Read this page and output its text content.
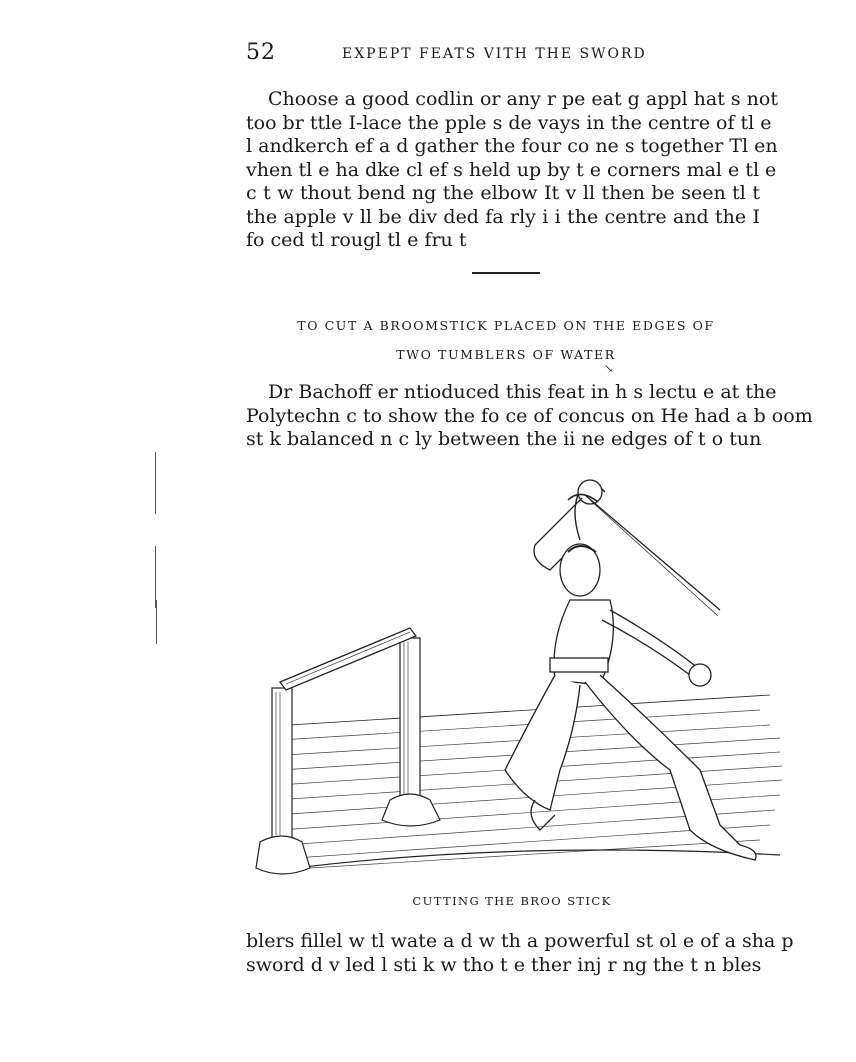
52	EXPEPT FEATS VITH THE SWORD
Choose a good codlin or any r pe eat g appl hat s not
too br ttle I-lace the pple s de vays in the centre of tl e
l andkerch ef a d gather the four co ne s together Tl en
vhen tl e ha dke cl ef s held up by t e corners mal e tl e
c t w thout bend ng the elbow It v ll then be seen tl t
the apple v ll be div ded fa rly i i the centre and the I
fo ced tl rougl tl e fru t
TO CUT A BROOMSTICK PLACED ON THE EDGES OF
TWO TUMBLERS OF WATER
↘
Dr Bachoff er ntioduced this feat in h s lectu e at the
Polytechn c to show the fo ce of concus on He had a b oom
st k balanced n c ly between the ii ne edges of t o tun
CUTTING THE BROO STICK
blers fillel w tl wate a d w th a powerful st ol e of a sha p
sword d v led l sti k w tho t e ther inj r ng the t n bles
